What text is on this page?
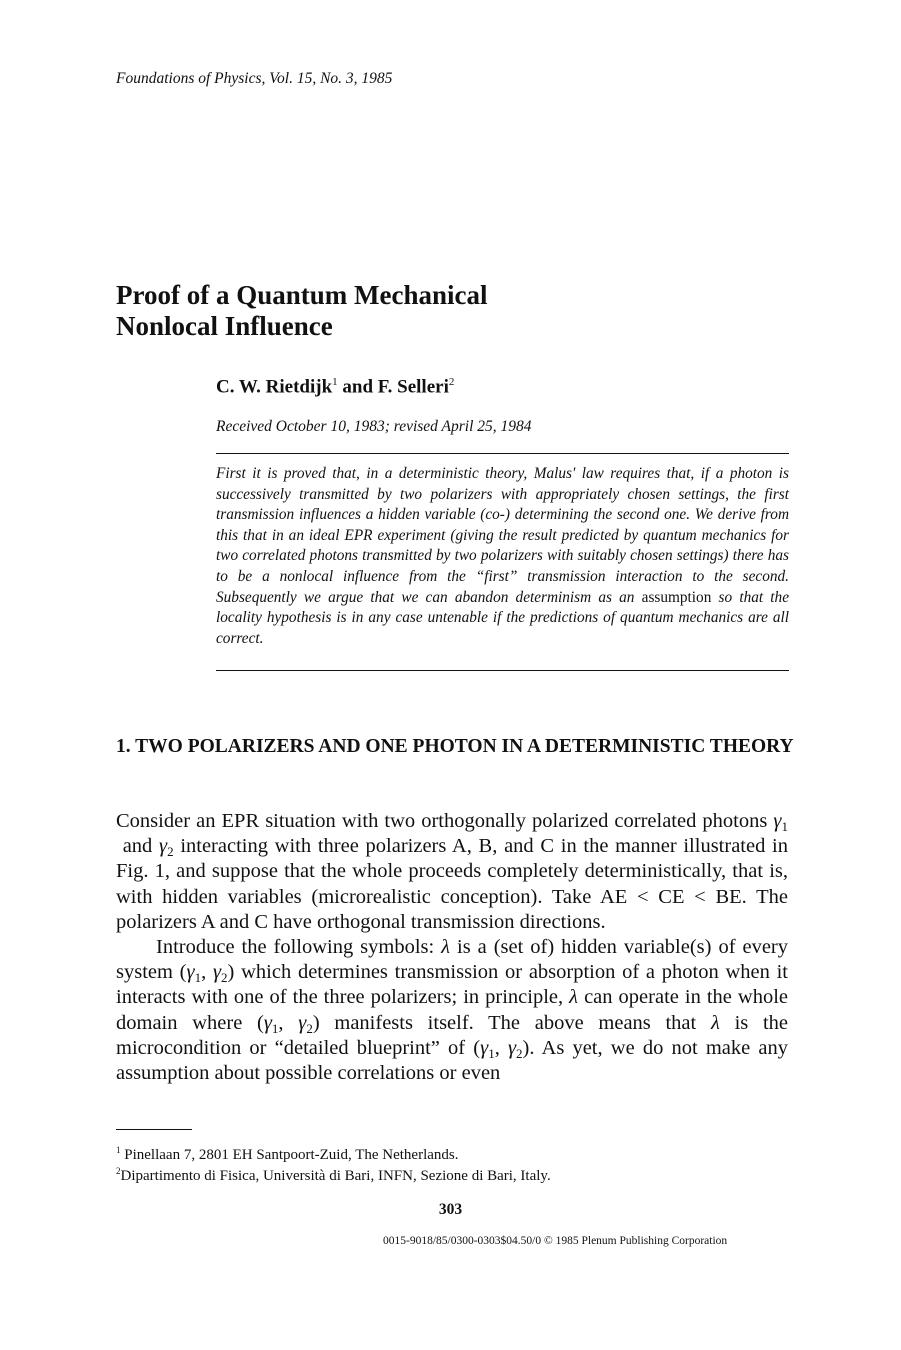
Foundations of Physics, Vol. 15, No. 3, 1985
Proof of a Quantum Mechanical
Nonlocal Influence
C. W. Rietdijk$^1$ and F. Selleri$^2$
Received October 10, 1983; revised April 25, 1984
First it is proved that, in a deterministic theory, Malus' law requires that, if a photon is successively transmitted by two polarizers with appropriately chosen settings, the first transmission influences a hidden variable (co-) determining the second one. We derive from this that in an ideal EPR experiment (giving the result predicted by quantum mechanics for two correlated photons transmitted by two polarizers with suitably chosen settings) there has to be a nonlocal influence from the “first” transmission interaction to the second. Subsequently we argue that we can abandon determinism as an assumption so that the locality hypothesis is in any case untenable if the predictions of quantum mechanics are all correct.
1. TWO POLARIZERS AND ONE PHOTON IN A DETERMINISTIC THEORY

Consider an EPR situation with two orthogonally polarized correlated photons $\gamma_1$ and $\gamma_2$ interacting with three polarizers A, B, and C in the manner illustrated in Fig. 1, and suppose that the whole proceeds completely deterministically, that is, with hidden variables (microrealistic conception). Take AE < CE < BE. The polarizers A and C have orthogonal transmission directions.

Introduce the following symbols: λ is a (set of) hidden variable(s) of every system ($\gamma_1$, $\gamma_2$) which determines transmission or absorption of a photon when it interacts with one of the three polarizers; in principle, λ can operate in the whole domain where ($\gamma_1$, $\gamma_2$) manifests itself. The above means that λ is the microcondition or “detailed blueprint” of ($\gamma_1$, $\gamma_2$). As yet, we do not make any assumption about possible correlations or even

$^1$ Pinellaan 7, 2801 EH Santpoort-Zuid, The Netherlands.
$^2$Dipartimento di Fisica, Università di Bari, INFN, Sezione di Bari, Italy.
303
0015-9018/85/0300-0303$04.50/0 © 1985 Plenum Publishing Corporation
